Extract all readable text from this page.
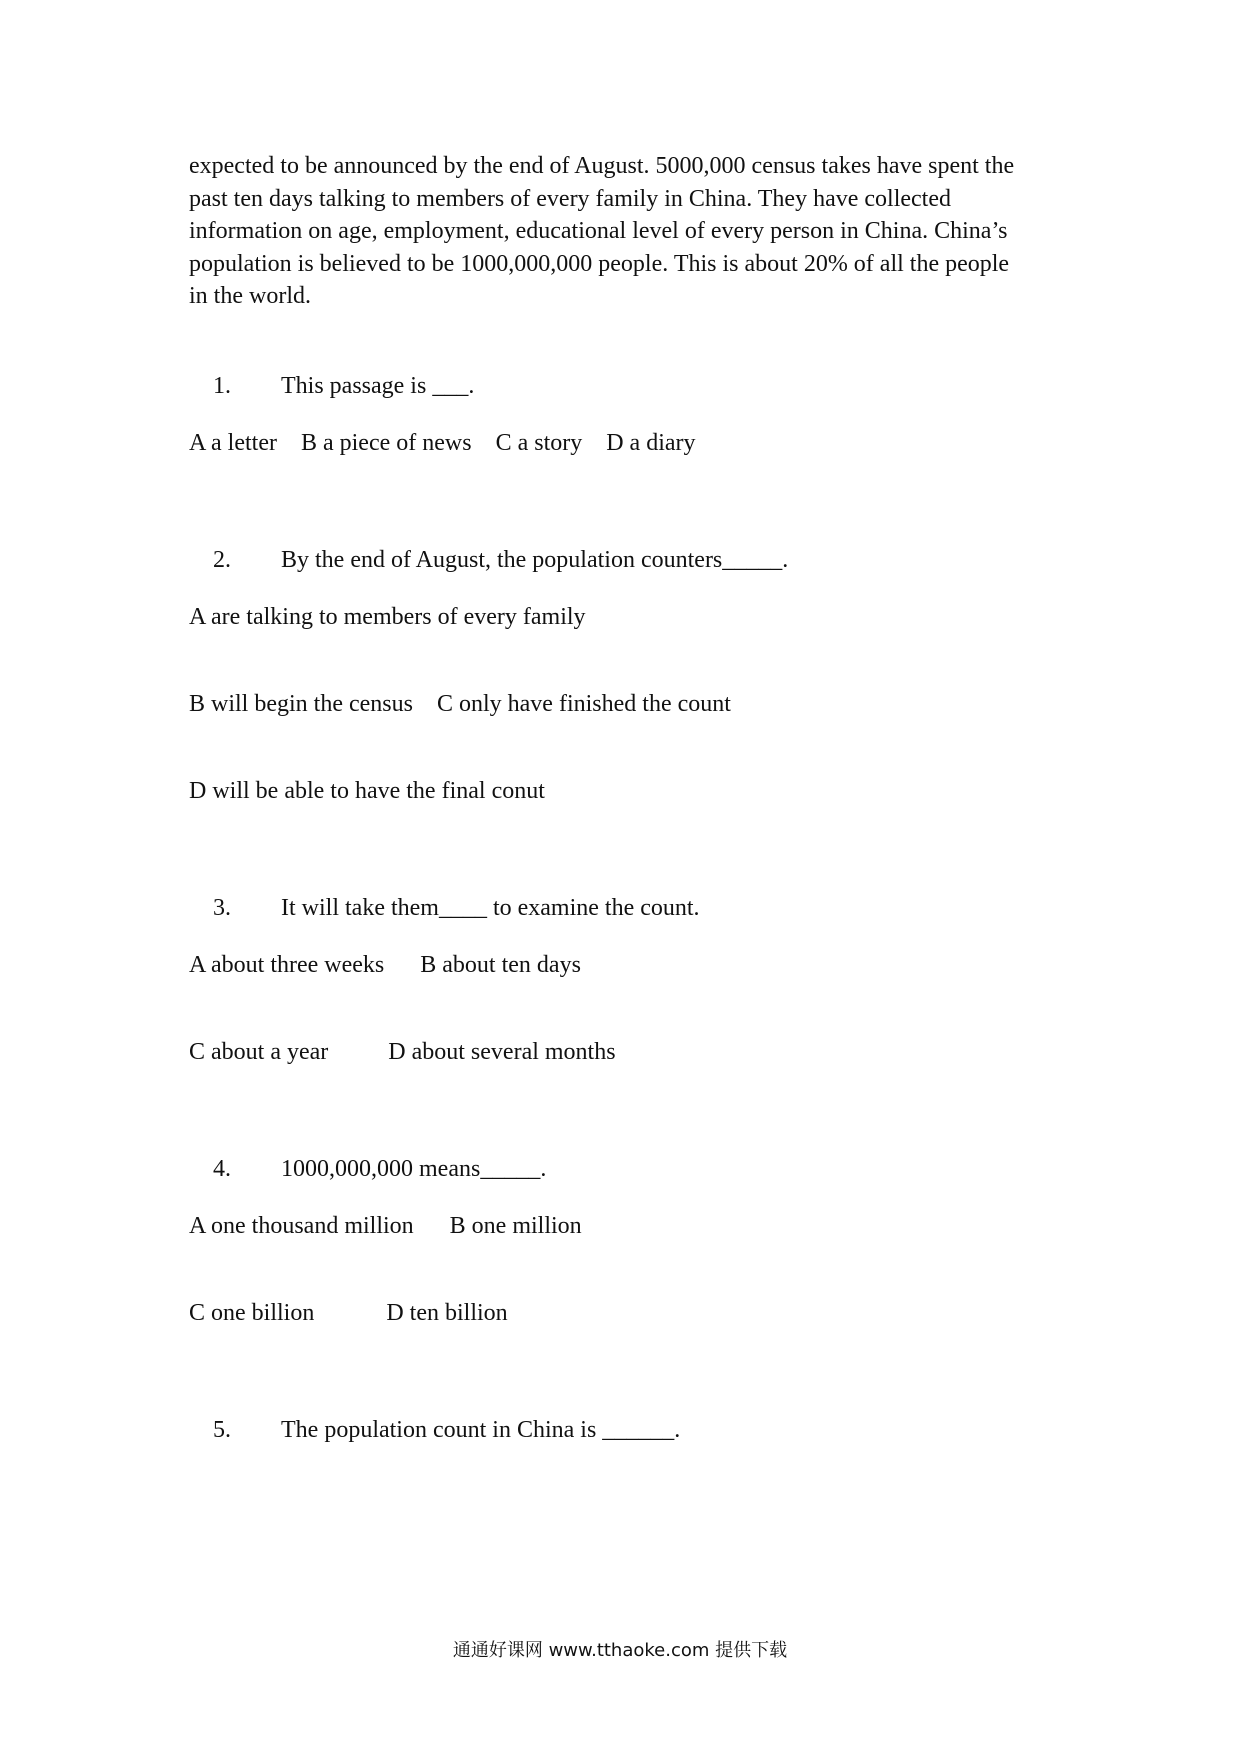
expected to be announced by the end of August. 5000,000 census takes have spent the
past ten days talking to members of every family in China. They have collected
information on age, employment, educational level of every person in China. China’s
population is believed to be 1000,000,000 people. This is about 20% of all the people
in the world.

1. This passage is ___.

A a letter    B a piece of news    C a story    D a diary

2. By the end of August, the population counters_____.

A are talking to members of every family
B will begin the census    C only have finished the count
D will be able to have the final conut

3. It will take them____ to examine the count.

A about three weeks      B about ten days
C about a year          D about several months

4. 1000,000,000 means_____.

A one thousand million      B one million
C one billion            D ten billion

5. The population count in China is ______.

通通好课网 www.tthaoke.com 提供下载
